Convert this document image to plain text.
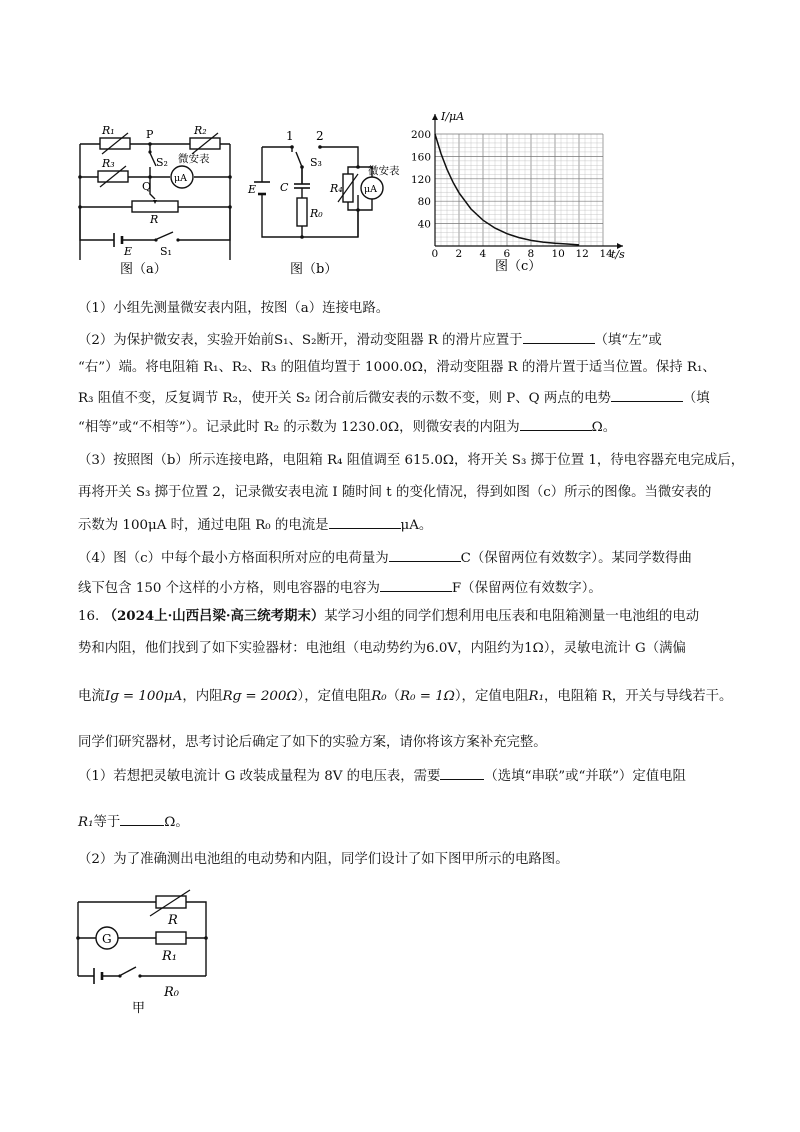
R₁	P	R₂
R₃	S₂ 微安表
μA
Q
R
E	S₁
图（a）
1 2
S₃
E C
R₀
R₄
微安表
μA
图（b）
0 2 4 6 8 10 12 14
40
80
120
160
200
I/μA
t/s
图（c）
（1）小组先测量微安表内阻，按图（a）连接电路。
（2）为保护微安表，实验开始前S₁、S₂断开，滑动变阻器 R 的滑片应置于	（填“左”或
“右”）端。将电阻箱 R₁、R₂、R₃ 的阻值均置于 1000.0Ω，滑动变阻器 R 的滑片置于适当位置。保持 R₁、
R₃ 阻值不变，反复调节 R₂，使开关 S₂ 闭合前后微安表的示数不变，则 P、Q 两点的电势	（填
“相等”或“不相等”）。记录此时 R₂ 的示数为 1230.0Ω，则微安表的内阻为	Ω。
（3）按照图（b）所示连接电路，电阻箱 R₄ 阻值调至 615.0Ω，将开关 S₃ 掷于位置 1，待电容器充电完成后，
再将开关 S₃ 掷于位置 2，记录微安表电流 I 随时间 t 的变化情况，得到如图（c）所示的图像。当微安表的
示数为 100μA 时，通过电阻 R₀ 的电流是	μA。
（4）图（c）中每个最小方格面积所对应的电荷量为	C（保留两位有效数字）。某同学数得曲
线下包含 150 个这样的小方格，则电容器的电容为	F（保留两位有效数字）。
16. （2024上·山西吕梁·高三统考期末）某学习小组的同学们想利用电压表和电阻箱测量一电池组的电动
势和内阻，他们找到了如下实验器材：电池组（电动势约为6.0V，内阻约为1Ω），灵敏电流计 G（满偏
电流Iɡ = 100μA，内阻Rɡ = 200Ω），定值电阻R₀（R₀ = 1Ω），定值电阻R₁，电阻箱 R，开关与导线若干。
同学们研究器材，思考讨论后确定了如下的实验方案，请你将该方案补充完整。
（1）若想把灵敏电流计 G 改装成量程为 8V 的电压表，需要	（选填“串联”或“并联”）定值电阻
R₁等于	Ω。
（2）为了准确测出电池组的电动势和内阻，同学们设计了如下图甲所示的电路图。
R
G
R₁
R₀
甲
